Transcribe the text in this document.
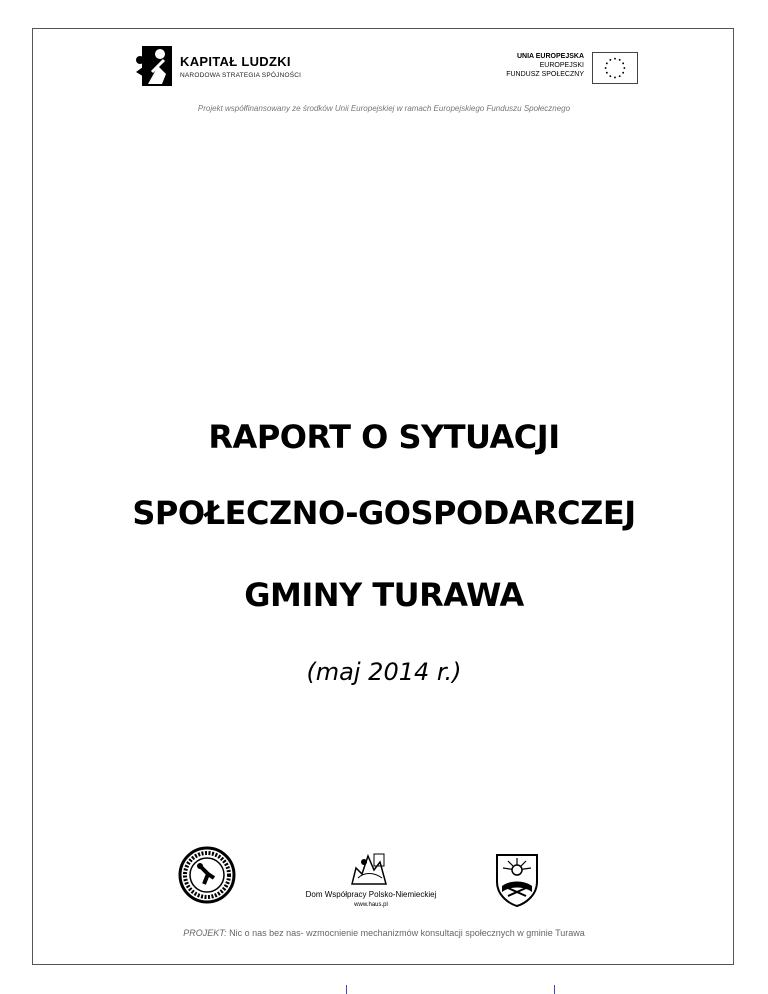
KAPITAŁ LUDZKI
NARODOWA STRATEGIA SPÓJNOŚCI
UNIA EUROPEJSKA
EUROPEJSKI
FUNDUSZ SPOŁECZNY
Projekt współfinansowany ze środków Unii Europejskiej w ramach Europejskiego Funduszu Społecznego
RAPORT O SYTUACJI
SPOŁECZNO-GOSPODARCZEJ
GMINY TURAWA
(maj 2014 r.)
Dom Współpracy Polsko-Niemieckiej
www.haus.pl
PROJEKT: Nic o nas bez nas- wzmocnienie mechanizmów konsultacji społecznych w gminie Turawa
